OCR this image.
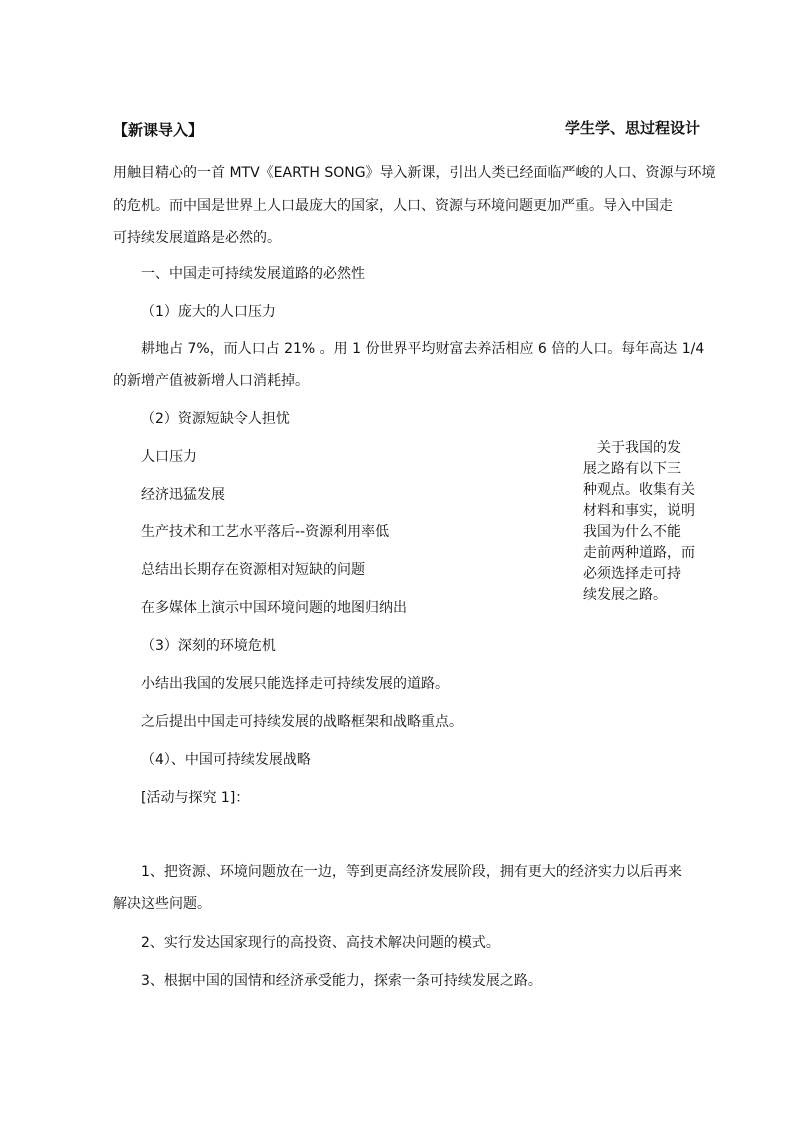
【新课导入】	学生学、思过程设计

用触目精心的一首 MTV《EARTH SONG》导入新课，引出人类已经面临严峻的人口、资源与环境

的危机。而中国是世界上人口最庞大的国家，人口、资源与环境问题更加严重。导入中国走

可持续发展道路是必然的。

一、中国走可持续发展道路的必然性

（1）庞大的人口压力

耕地占 7%，而人口占 21% 。用 1 份世界平均财富去养活相应 6 倍的人口。每年高达 1/4

的新增产值被新增人口消耗掉。

（2）资源短缺令人担忧

人口压力

经济迅猛发展

生产技术和工艺水平落后--资源利用率低

总结出长期存在资源相对短缺的问题

在多媒体上演示中国环境问题的地图归纳出

（3）深刻的环境危机

小结出我国的发展只能选择走可持续发展的道路。

之后提出中国走可持续发展的战略框架和战略重点。

（4）、中国可持续发展战略

[活动与探究 1]：

1、把资源、环境问题放在一边，等到更高经济发展阶段，拥有更大的经济实力以后再来

解决这些问题。

2、实行发达国家现行的高投资、高技术解决问题的模式。

3、根据中国的国情和经济承受能力，探索一条可持续发展之路。

　关于我国的发
展之路有以下三
种观点。收集有关
材料和事实，说明
我国为什么不能
走前两种道路，而
必须选择走可持
续发展之路。
